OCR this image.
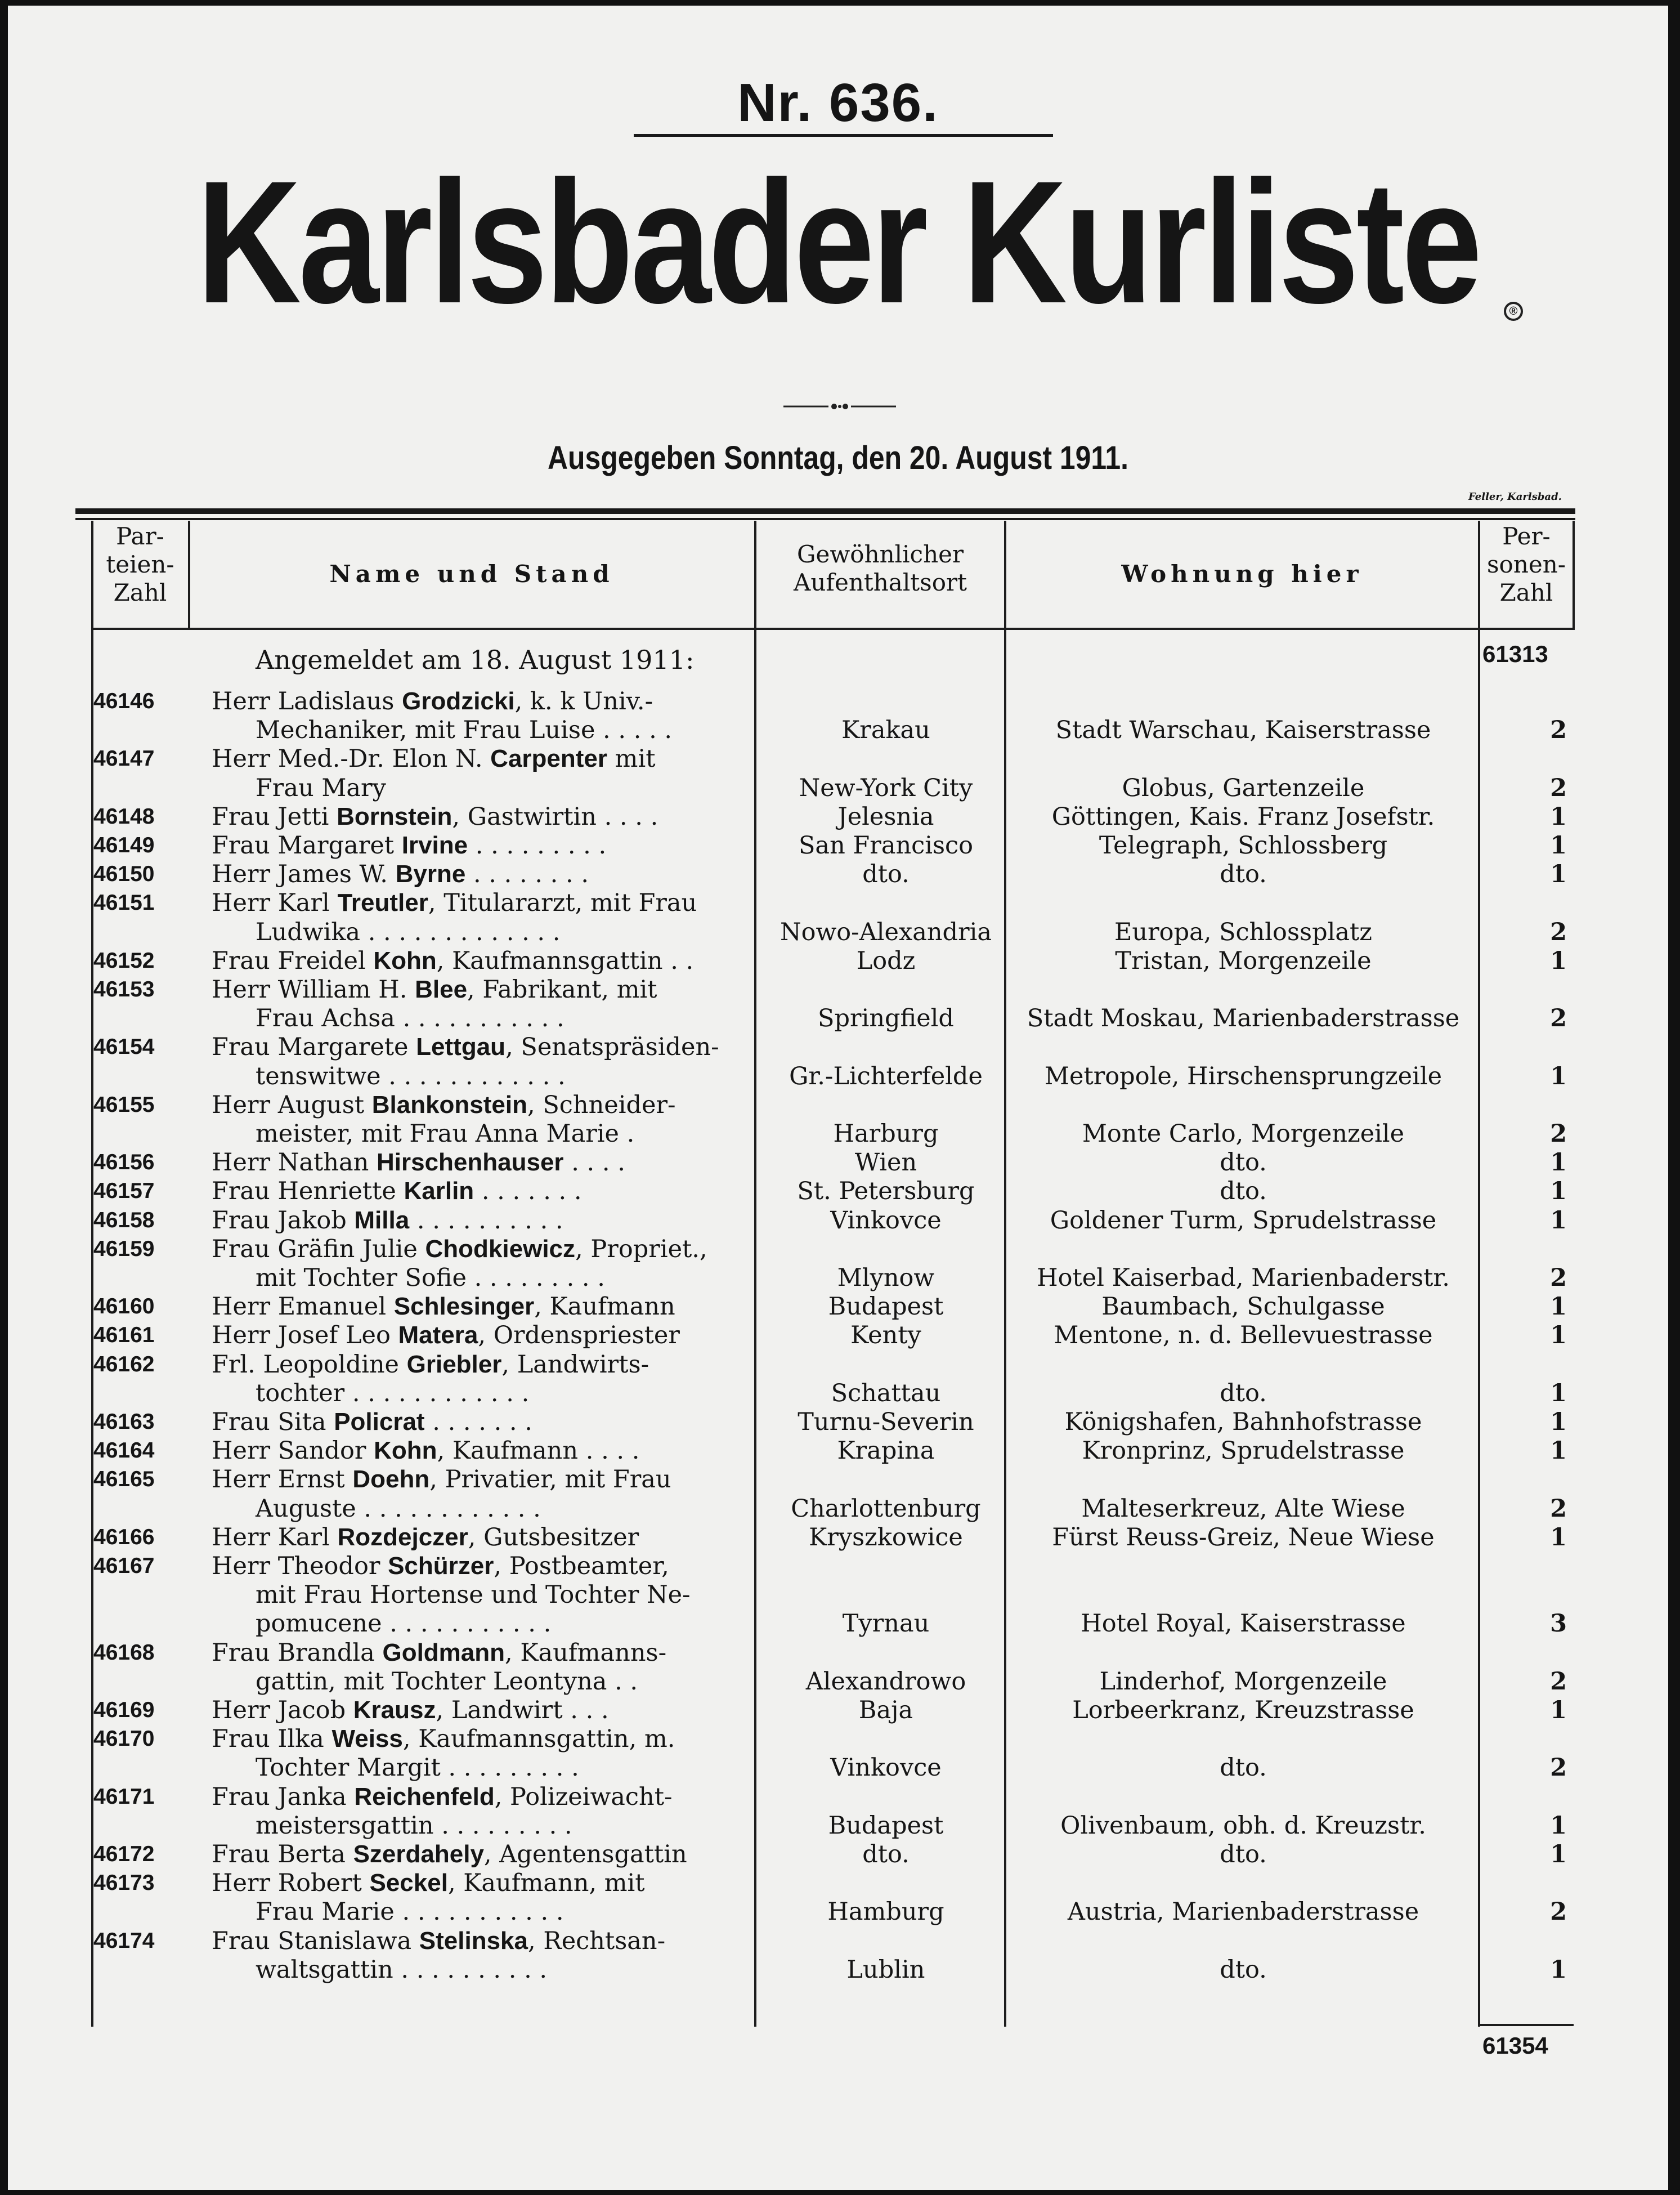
Nr. 636.
Karlsbader Kurliste	®
Ausgegeben Sonntag, den 20. August 1911.
Feller, Karlsbad.
Par-
teien-
Zahl
Name und Stand
Gewöhnlicher
Aufenthaltsort	Wohnung hier
Per-
sonen-
Zahl
Angemeldet am 18. August 1911:	61313
46146 Herr Ladislaus Grodzicki, k. k Univ.-
Mechaniker, mit Frau Luise . . . . .	Krakau	Stadt Warschau, Kaiserstrasse	2
46147 Herr Med.-Dr. Elon N. Carpenter mit
Frau Mary	New-York City	Globus, Gartenzeile	2
46148 Frau Jetti Bornstein, Gastwirtin . . . .	Jelesnia	Göttingen, Kais. Franz Josefstr.	1
46149 Frau Margaret Irvine . . . . . . . . .	San Francisco	Telegraph, Schlossberg	1
46150 Herr James W. Byrne . . . . . . . .	dto.	dto.	1
46151 Herr Karl Treutler, Titulararzt, mit Frau
Ludwika . . . . . . . . . . . . .	Nowo-Alexandria	Europa, Schlossplatz	2
46152 Frau Freidel Kohn, Kaufmannsgattin . .	Lodz	Tristan, Morgenzeile	1
46153 Herr William H. Blee, Fabrikant, mit
Frau Achsa . . . . . . . . . . .	Springfield	Stadt Moskau, Marienbaderstrasse	2
46154 Frau Margarete Lettgau, Senatspräsiden-
tenswitwe . . . . . . . . . . . .	Gr.-Lichterfelde	Metropole, Hirschensprungzeile	1
46155 Herr August Blankonstein, Schneider-
meister, mit Frau Anna Marie .	Harburg	Monte Carlo, Morgenzeile	2
46156 Herr Nathan Hirschenhauser . . . .	Wien	dto.	1
46157 Frau Henriette Karlin . . . . . . .	St. Petersburg	dto.	1
46158 Frau Jakob Milla . . . . . . . . . .	Vinkovce	Goldener Turm, Sprudelstrasse	1
46159 Frau Gräfin Julie Chodkiewicz, Propriet.,
mit Tochter Sofie . . . . . . . . .	Mlynow	Hotel Kaiserbad, Marienbaderstr.	2
46160 Herr Emanuel Schlesinger, Kaufmann	Budapest	Baumbach, Schulgasse	1
46161 Herr Josef Leo Matera, Ordenspriester	Kenty	Mentone, n. d. Bellevuestrasse	1
46162 Frl. Leopoldine Griebler, Landwirts-
tochter . . . . . . . . . . . .	Schattau	dto.	1
46163 Frau Sita Policrat . . . . . . .	Turnu-Severin	Königshafen, Bahnhofstrasse	1
46164 Herr Sandor Kohn, Kaufmann . . . .	Krapina	Kronprinz, Sprudelstrasse	1
46165 Herr Ernst Doehn, Privatier, mit Frau
Auguste . . . . . . . . . . . .	Charlottenburg	Malteserkreuz, Alte Wiese	2
46166 Herr Karl Rozdejczer, Gutsbesitzer	Kryszkowice	Fürst Reuss-Greiz, Neue Wiese	1
46167 Herr Theodor Schürzer, Postbeamter,
mit Frau Hortense und Tochter Ne-
pomucene . . . . . . . . . . .	Tyrnau	Hotel Royal, Kaiserstrasse	3
46168 Frau Brandla Goldmann, Kaufmanns-
gattin, mit Tochter Leontyna . .	Alexandrowo	Linderhof, Morgenzeile	2
46169 Herr Jacob Krausz, Landwirt . . .	Baja	Lorbeerkranz, Kreuzstrasse	1
46170 Frau Ilka Weiss, Kaufmannsgattin, m.
Tochter Margit . . . . . . . . .	Vinkovce	dto.	2
46171 Frau Janka Reichenfeld, Polizeiwacht-
meistersgattin . . . . . . . . .	Budapest	Olivenbaum, obh. d. Kreuzstr.	1
46172 Frau Berta Szerdahely, Agentensgattin	dto.	dto.	1
46173 Herr Robert Seckel, Kaufmann, mit
Frau Marie . . . . . . . . . . .	Hamburg	Austria, Marienbaderstrasse	2
46174 Frau Stanislawa Stelinska, Rechtsan-
waltsgattin . . . . . . . . . .	Lublin	dto.	1
61354
